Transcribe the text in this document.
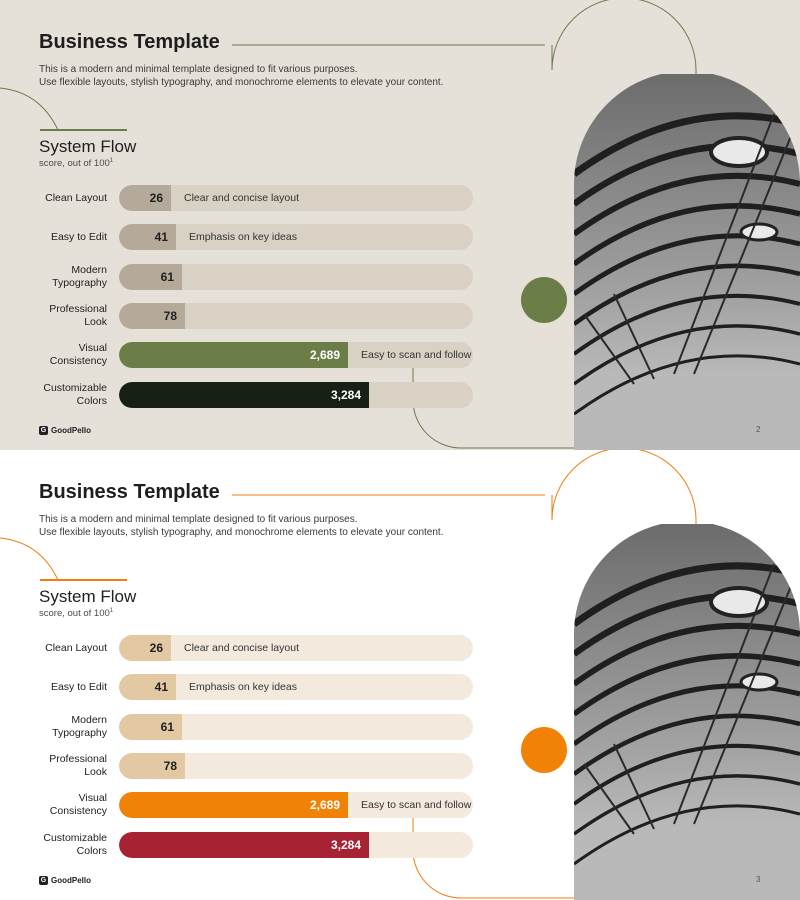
Business Template
This is a modern and minimal template designed to fit various purposes.
Use flexible layouts, stylish typography, and monochrome elements to elevate your content.
System Flow
score, out of $100^1$
Clean Layout	26 Clear and concise layout
Easy to Edit	41 Emphasis on key ideas
Modern
Typography	61
Professional
Look	78
Visual
Consistency	2,689 Easy to scan and follow
Customizable
Colors	3,284
G GoodPello	2
Business Template
This is a modern and minimal template designed to fit various purposes.
Use flexible layouts, stylish typography, and monochrome elements to elevate your content.
System Flow
score, out of $100^1$
Clean Layout	26 Clear and concise layout
Easy to Edit	41 Emphasis on key ideas
Modern
Typography	61
Professional
Look	78
Visual
Consistency	2,689 Easy to scan and follow
Customizable
Colors	3,284
G GoodPello	3
